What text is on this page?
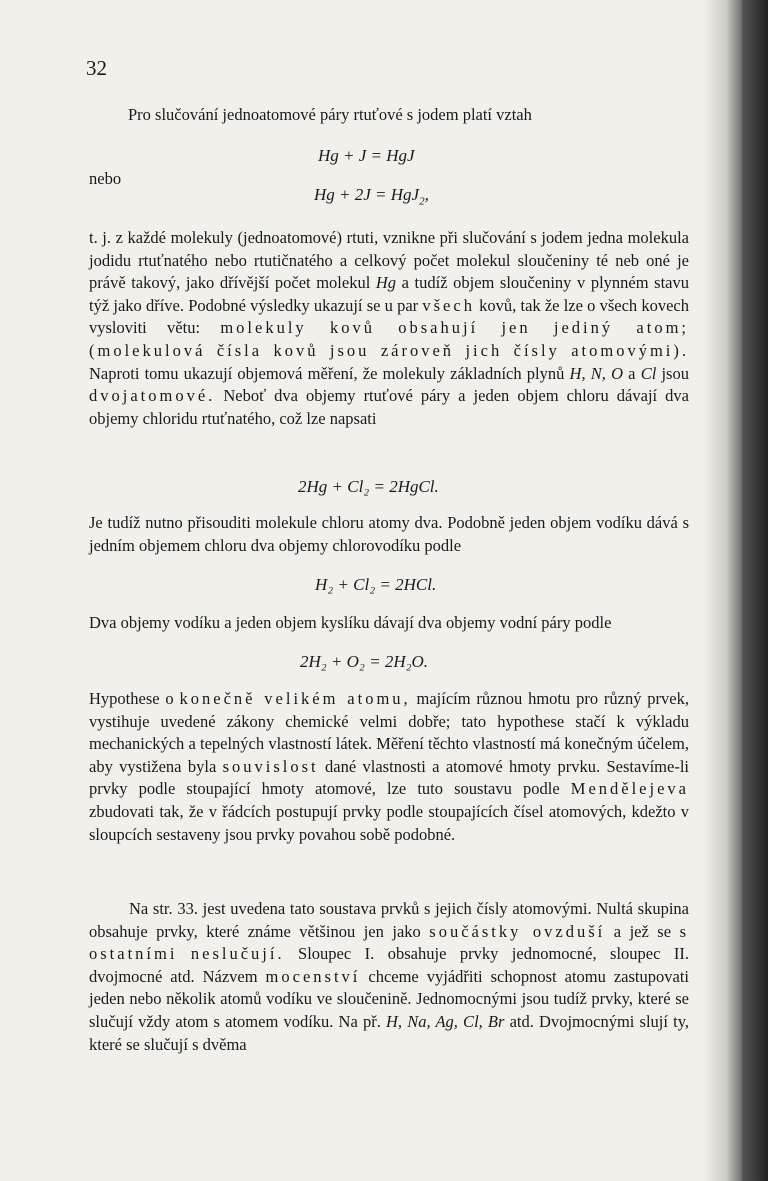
32
Pro slučování jednoatomové páry rtuťové s jodem platí vztah
Hg + J = HgJ
nebo
Hg + 2J = HgJ$_2$,

t. j. z každé molekuly (jednoatomové) rtuti, vznikne při slučování s jodem jedna molekula jodidu rtuťnatého nebo rtutičnatého a celkový počet molekul sloučeniny té neb oné je právě takový, jako dřívější počet molekul Hg a tudíž objem sloučeniny v plynném stavu týž jako dříve. Podobné výsledky ukazují se u par všech kovů, tak že lze o všech kovech vysloviti větu: molekuly kovů obsahují jen jediný atom; (molekulová čísla kovů jsou zároveň jich čísly atomovými). Naproti tomu ukazují objemová měření, že molekuly základních plynů H, N, O a Cl jsou dvojatomové. Neboť dva objemy rtuťové páry a jeden objem chloru dávají dva objemy chloridu rtuťnatého, což lze napsati

2Hg + Cl₂ = 2HgCl.
Je tudíž nutno přisouditi molekule chloru atomy dva. Podobně jeden objem vodíku dává s jedním objemem chloru dva objemy chlorovodíku podle
H₂ + Cl₂ = 2HCl.
Dva objemy vodíku a jeden objem kyslíku dávají dva objemy vodní páry podle
2H₂ + O₂ = 2H₂O.

Hypothese o konečně velikém atomu, majícím různou hmotu pro různý prvek, vystihuje uvedené zákony chemické velmi dobře; tato hypothese stačí k výkladu mechanických a tepelných vlastností látek. Měření těchto vlastností má konečným účelem, aby vystižena byla souvislost dané vlastnosti a atomové hmoty prvku. Sestavíme-li prvky podle stoupající hmoty atomové, lze tuto soustavu podle Mendělejeva zbudovati tak, že v řádcích postupují prvky podle stoupajících čísel atomových, kdežto v sloupcích sestaveny jsou prvky povahou sobě podobné.

Na str. 33. jest uvedena tato soustava prvků s jejich čísly atomovými. Nultá skupina obsahuje prvky, které známe většinou jen jako součástky ovzduší a jež se s ostatními neslučují. Sloupec I. obsahuje prvky jednomocné, sloupec II. dvojmocné atd. Názvem mocenství chceme vyjádřiti schopnost atomu zastupovati jeden nebo několik atomů vodíku ve sloučenině. Jednomocnými jsou tudíž prvky, které se slučují vždy atom s atomem vodíku. Na př. H, Na, Ag, Cl, Br atd. Dvojmocnými slují ty, které se slučují s dvěma
